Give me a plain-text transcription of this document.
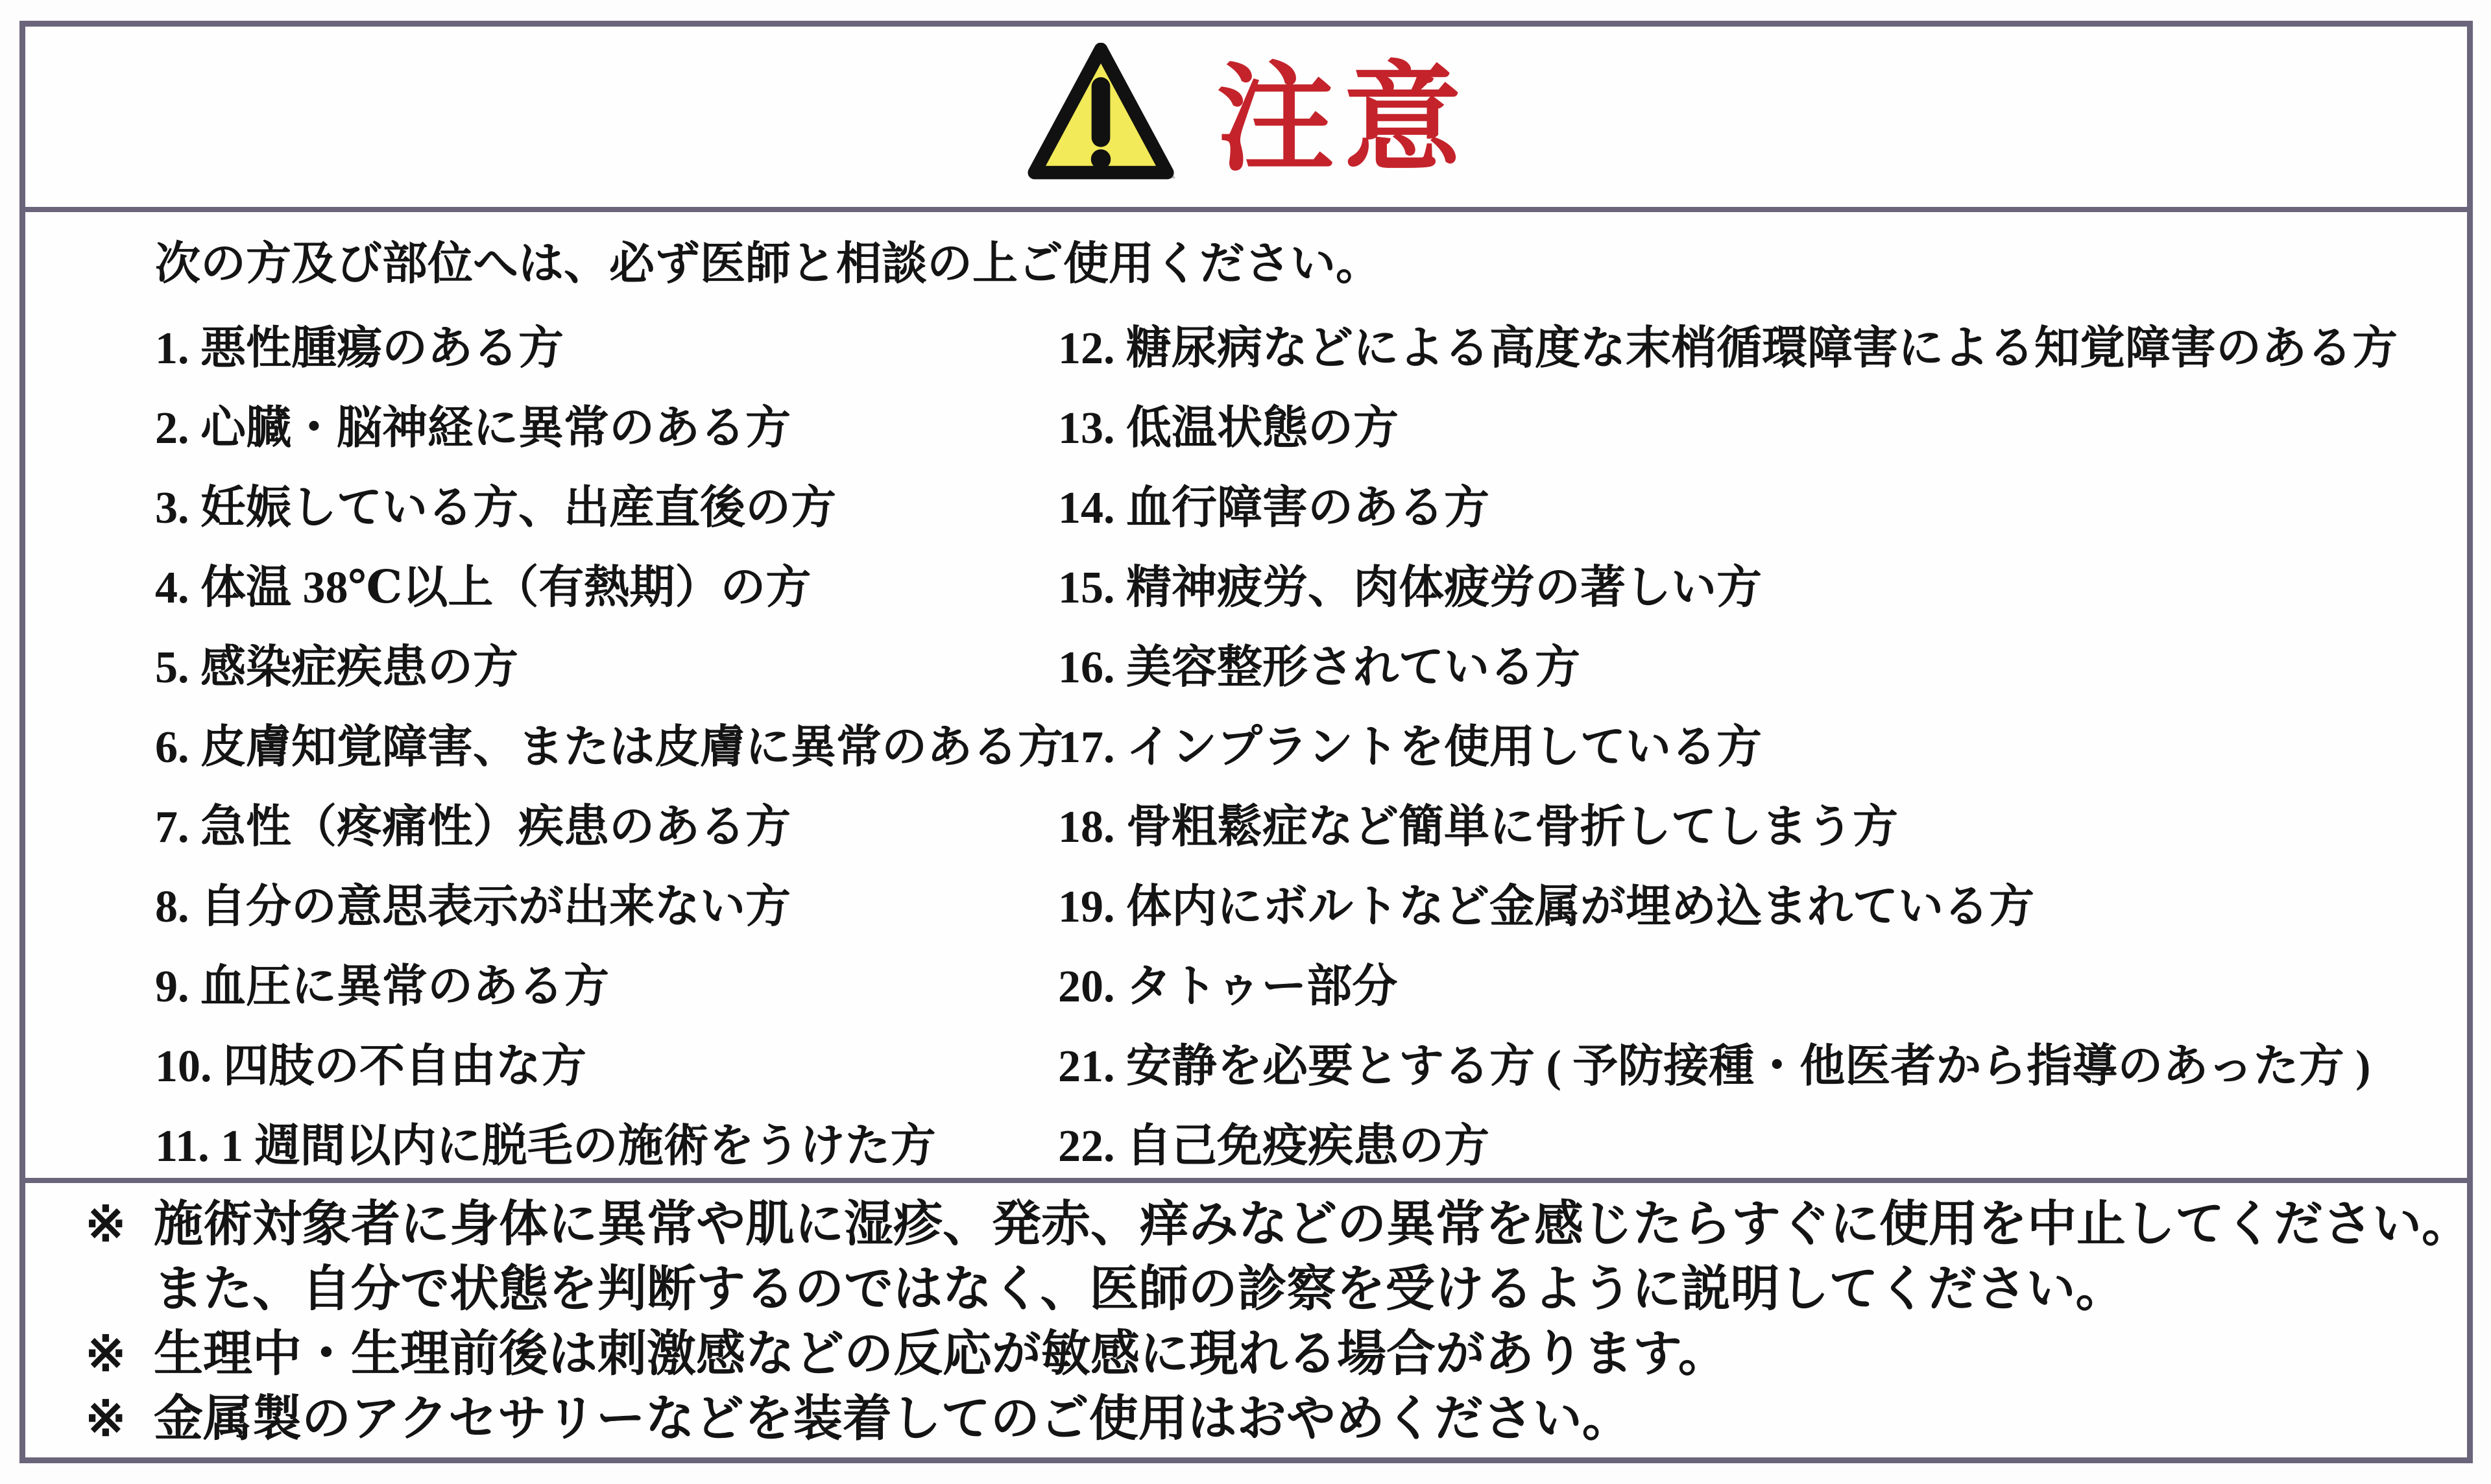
注意
次の方及び部位へは、必ず医師と相談の上ご使用ください。
1. 悪性腫瘍のある方
2. 心臓・脳神経に異常のある方
3. 妊娠している方、出産直後の方
4. 体温 38℃以上（有熱期）の方
5. 感染症疾患の方
6. 皮膚知覚障害、または皮膚に異常のある方
7. 急性（疼痛性）疾患のある方
8. 自分の意思表示が出来ない方
9. 血圧に異常のある方
10. 四肢の不自由な方
11. 1 週間以内に脱毛の施術をうけた方
12. 糖尿病などによる高度な末梢循環障害による知覚障害のある方
13. 低温状態の方
14. 血行障害のある方
15. 精神疲労、肉体疲労の著しい方
16. 美容整形されている方
17. インプラントを使用している方
18. 骨粗鬆症など簡単に骨折してしまう方
19. 体内にボルトなど金属が埋め込まれている方
20. タトゥー部分
21. 安静を必要とする方 ( 予防接種・他医者から指導のあった方 )
22. 自己免疫疾患の方
※ 施術対象者に身体に異常や肌に湿疹、発赤、痒みなどの異常を感じたらすぐに使用を中止してください。
また、自分で状態を判断するのではなく、医師の診察を受けるように説明してください。
※ 生理中・生理前後は刺激感などの反応が敏感に現れる場合があります。
※ 金属製のアクセサリーなどを装着してのご使用はおやめください。
